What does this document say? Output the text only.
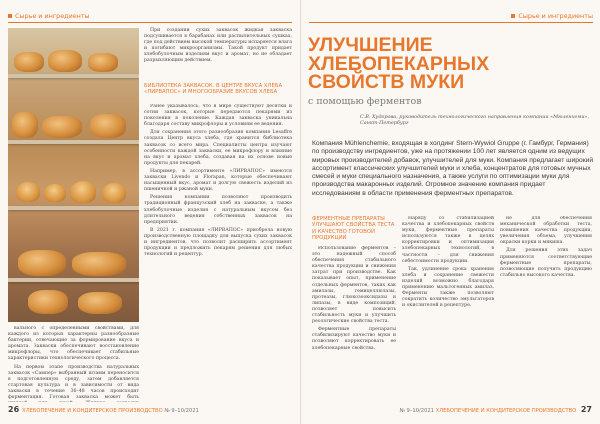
Сырье и ингредиенты

При создании сухих заквасок жидкая закваска подсушивается в барабанах или распылительных сушках, где под действием высокой температуры испаряется влага и погибают микроорганизмы. Такой продукт придает хлебобулочным изделиям вкус и аромат, но не обладает разрыхляющим действием.

БИБЛИОТЕКА ЗАКВАСОК. В ЦЕНТРЕ ВКУСА ХЛЕБА «ЛИРВАПОС» И МНОГООБРАЗИЕ ВКУСОВ ХЛЕБА

Ранее указывалось, что в мире существуют десятки и сотни заквасок, которые передаются пекарями из поколения в поколение. Каждая закваска уникальна благодаря составу микрофлоры и условиям ее ведения.

Для сохранения этого разнообразия компания Lesaffre создала Центр вкуса хлеба, где хранится библиотека заквасок со всего мира. Специалисты центра изучают особенности каждой закваски, ее микрофлору и влияние на вкус и аромат хлеба, создавая на их основе новые продукты для пекарей.

Например, в ассортименте «ЛИРВАПОС» имеются закваски Livendo и Florapan, которые обеспечивают насыщенный вкус, аромат и долгую свежесть изделий из пшеничной и ржаной муки.

Решения компании позволяют производить традиционный французский хлеб на закваске, а также хлебобулочные изделия с натуральным вкусом без длительного ведения собственных заквасок на предприятии.

В 2021 г. компания «ЛИРВАПОС» приобрела новую производственную площадку для выпуска сухих заквасок и ингредиентов, что позволит расширить ассортимент продукции и предложить пекарям решения для любых технологий и рецептур.

вального с определенными свойствами, для каждого из которых характерны разнообразные бактерии, отвечающие за формирование вкуса и аромата. Закваски обеспечивают восстановление микрофлоры, что обеспечивает стабильные характеристики технологического процесса.

На первом этапе производства натуральных заквасок «Сампер» выбранный штамм переносится в подготовленную среду, затем добавляется стартовая культура и в зависимости от вида закваски в течение 36–48 часов происходит ферментация. Готовая закваска может быть

26 ХЛЕБОПЕЧЕНИЕ И КОНДИТЕРСКОЕ ПРОИЗВОДСТВО № 9–10/2021
Сырье и ингредиенты
УЛУЧШЕНИЕ ХЛЕБОПЕКАРНЫХ СВОЙСТВ МУКИ
с помощью ферментов
С.В. Худорова, руководитель технологического направления компании «Мюленхеми», Санкт-Петербург
Компания Mühlenchemie, входящая в холдинг Stern-Wywiol Gruppe (г. Гамбург, Германия) по производству ингредиентов, уже на протяжении 100 лет является одним из ведущих мировых производителей добавок, улучшителей для муки. Компания предлагает широкий ассортимент классических улучшителей муки и хлеба, концентратов для готовых мучных смесей и муки специального назначения, а также услуги по оптимизации муки для производства макаронных изделий. Огромное значение компания придает исследованиям в области применения ферментных препаратов.
ФЕРМЕНТНЫЕ ПРЕПАРАТЫ УЛУЧШАЮТ СВОЙСТВА ТЕСТА И КАЧЕСТВО ГОТОВОЙ ПРОДУКЦИИ

Использование ферментов – это надежный способ обеспечения стабильного качества продукции и снижения затрат при производстве. Как показывает опыт, применение отдельных ферментов, таких как амилазы, гемицеллюлазы, протеазы, глюкозооксидазы и липазы, в виде композиций, позволяет повысить стабильность муки и улучшить реологические свойства теста.

Ферментные препараты стабилизируют качество муки и позволяют корректировать ее хлебопекарные свойства.

Наряду со стабилизацией качества и хлебопекарных свойств муки, ферментные препараты используются также в целях корректировки и оптимизации хлебопекарных технологий, в частности – для снижения себестоимости продукции.

Так, удлинение срока хранения хлеба и сохранение свежести изделий возможно благодаря применению мальтогенных амилаз. Ферменты также позволяют сократить количество эмульгаторов и окислителей в рецептуре.

не для обеспечения механической обработки теста, повышения качества продукции, увеличения объема, улучшения окраски корки и мякиша.

Для решения этих задач применяются соответствующие ферментные препараты, позволяющие получить продукцию стабильно высокого качества.

№ 9–10/2021 ХЛЕБОПЕЧЕНИЕ И КОНДИТЕРСКОЕ ПРОИЗВОДСТВО 27
